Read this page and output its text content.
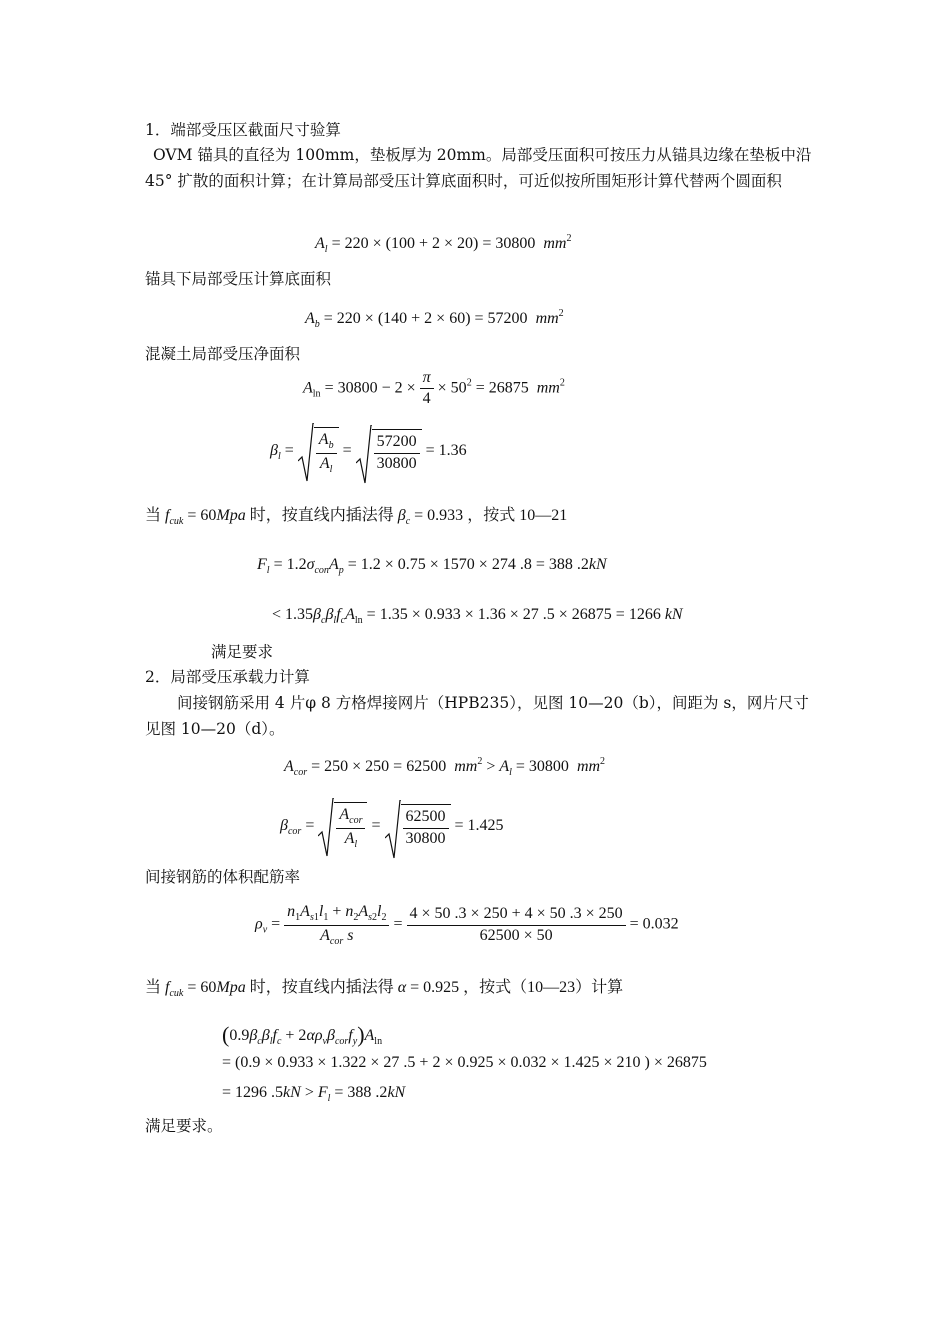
1．端部受压区截面尺寸验算
OVM 锚具的直径为 100mm，垫板厚为 20mm。局部受压面积可按压力从锚具边缘在垫板中沿 45° 扩散的面积计算；在计算局部受压计算底面积时，可近似按所围矩形计算代替两个圆面积
$A_l = 220 \times (100 + 2 \times 20) = 30800$ $mm^2$
锚具下局部受压计算底面积
$A_b = 220 \times (140 + 2 \times 60) = 57200$ $mm^2$
混凝土局部受压净面积
$A_{ln} = 30800 - 2 \times \frac{\pi}{4} \times 50^2 = 26875$ $mm^2$
$\beta_l = \frac{A_b}{A_l} = \frac{57200}{30800} = 1.36$
当 $f_{cuk} = 60Mpa$ 时，按直线内插法得 $\beta_c = 0.933$ ，按式 10—21
$F_l = 1.2\sigma_{con}A_p = 1.2 \times 0.75 \times 1570 \times 274$ .8 = 388 .2kN
< $1.35\beta_c\beta_lf_cA_{ln} = 1.35 \times 0.933 \times 1.36 \times 27$ .5 × 26875 = 1266 kN
满足要求
2．局部受压承载力计算
间接钢筋采用 4 片φ 8 方格焊接网片（HPB235），见图 10—20（b），间距为 s，网片尺寸见图 10—20（d）。
$A_{cor} = 250 \times 250 = 62500$ $mm^2 > A_l = 30800$ $mm^2$
$\beta_{cor} = \frac{A_{cor}}{A_l} = \frac{62500}{30800} = 1.425$
间接钢筋的体积配筋率
$\rho_v = \frac{n_1A_{s1}l_1 + n_2A_{s2}l_2}{A_{cor} s} = \frac{4 \times 50 .3 \times 250 + 4 \times 50 .3 \times 250}{62500 \times 50} = 0.032$
当 $f_{cuk} = 60Mpa$ 时，按直线内插法得 α = 0.925 ，按式（10—23）计算
$(0.9\beta_c\beta_lf_c + 2\alpha\rho_v\beta_{cor}f_y)A_{ln}$
= (0.9 × 0.933 × 1.322 × 27 .5 + 2 × 0.925 × 0.032 × 1.425 × 210 ) × 26875
= 1296 $.5kN > F_l = 388$ .2kN
满足要求。
